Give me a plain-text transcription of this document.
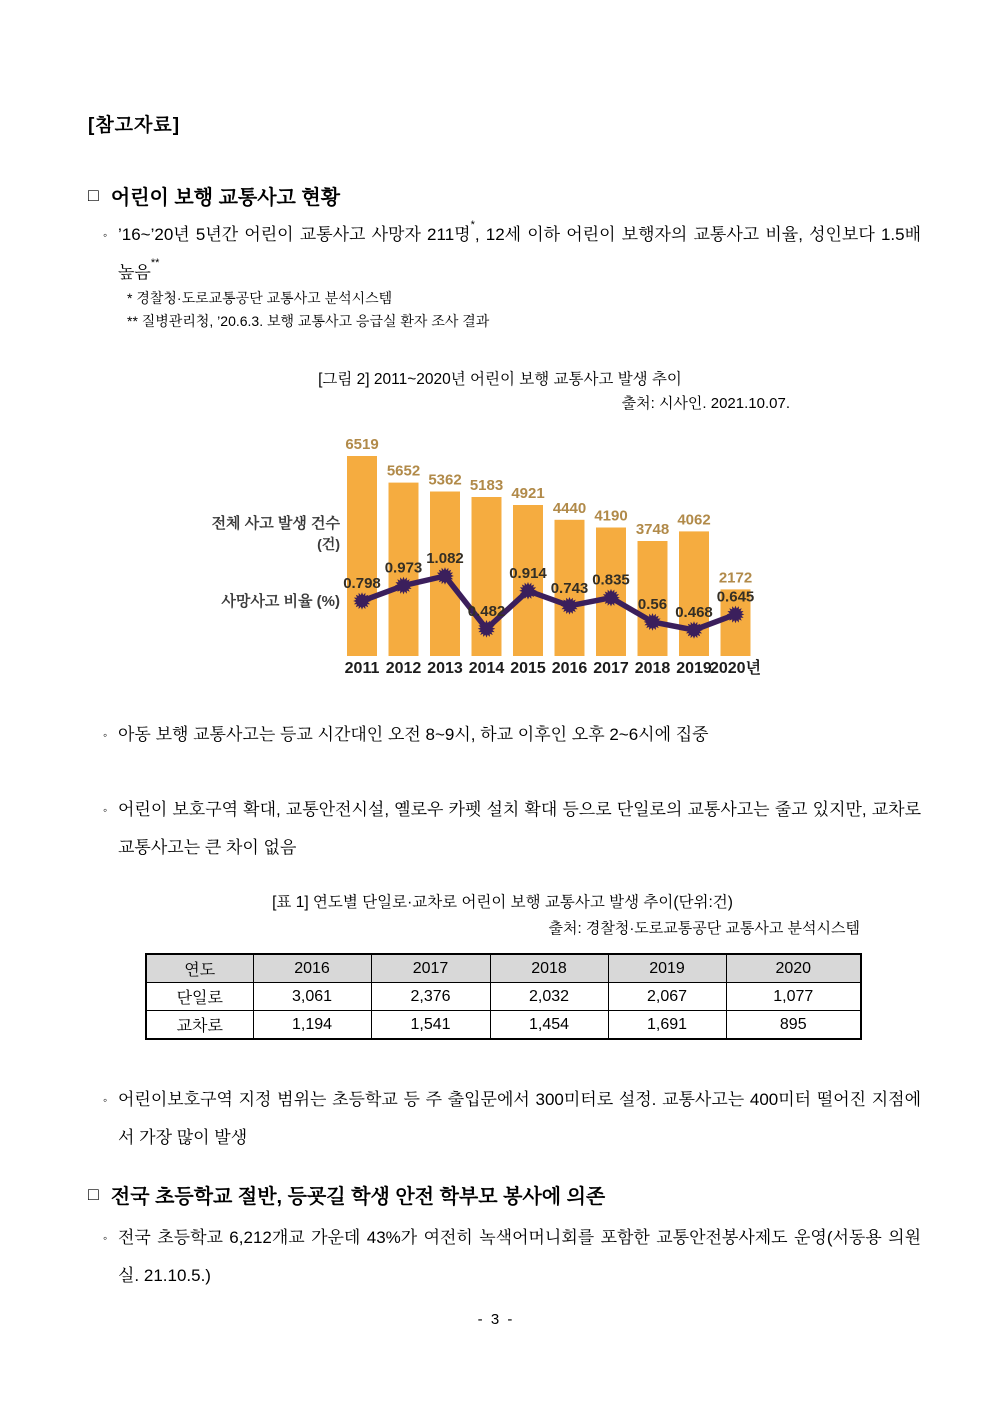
[참고자료]
□ 어린이 보행 교통사고 현황
◦ ’16~’20년 5년간 어린이 교통사고 사망자 211명*, 12세 이하 어린이 보행자의 교통사고 비율, 성인보다 1.5배 높음**
* 경찰청·도로교통공단 교통사고 분석시스템
** 질병관리청, ’20.6.3. 보행 교통사고 응급실 환자 조사 결과
[그림 2] 2011~2020년 어린이 보행 교통사고 발생 추이
출처: 시사인. 2021.10.07.
전체 사고 발생 건수
(건)
사망사고 비율 (%)
6519
2011
5652
2012
5362
2013
5183
2014
4921
2015
4440
2016
4190
2017
3748
2018
4062
2019
2172
2020년
0.798
0.973
1.082
0.482
0.914
0.743 0.835
0.56 0.468
0.645
◦ 아동 보행 교통사고는 등교 시간대인 오전 8~9시, 하교 이후인 오후 2~6시에 집중
◦ 어린이 보호구역 확대, 교통안전시설, 옐로우 카펫 설치 확대 등으로 단일로의 교통사고는 줄고 있지만, 교차로 교통사고는 큰 차이 없음
[표 1] 연도별 단일로·교차로 어린이 보행 교통사고 발생 추이(단위:건)
출처: 경찰청·도로교통공단 교통사고 분석시스템
연도	2016	2017	2018	2019	2020
단일로	3,061	2,376	2,032	2,067	1,077
교차로	1,194	1,541	1,454	1,691	895
◦ 어린이보호구역 지정 범위는 초등학교 등 주 출입문에서 300미터로 설정. 교통사고는 400미터 떨어진 지점에서 가장 많이 발생
□ 전국 초등학교 절반, 등굣길 학생 안전 학부모 봉사에 의존
◦ 전국 초등학교 6,212개교 가운데 43%가 여전히 녹색어머니회를 포함한 교통안전봉사제도 운영(서동용 의원실. 21.10.5.)
- 3 -
